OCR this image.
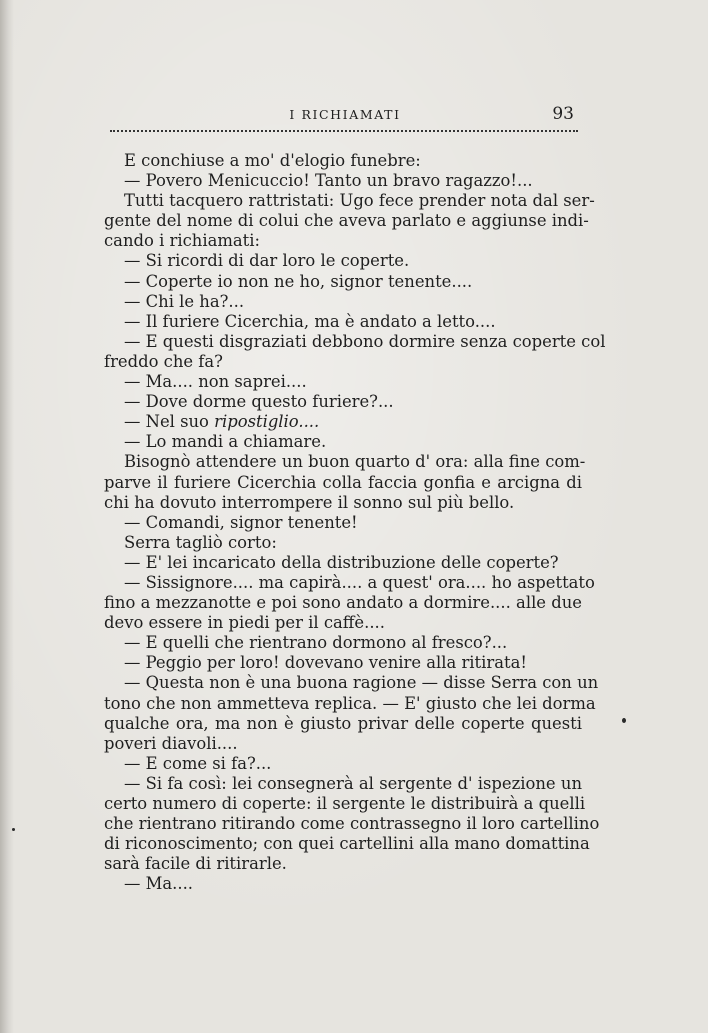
I RICHIAMATI	93
E conchiuse a mo' d'elogio funebre:
— Povero Menicuccio! Tanto un bravo ragazzo!...
Tutti tacquero rattristati: Ugo fece prender nota dal ser-
gente del nome di colui che aveva parlato e aggiunse indi-
cando i richiamati:
— Si ricordi di dar loro le coperte.
— Coperte io non ne ho, signor tenente....
— Chi le ha?...
— Il furiere Cicerchia, ma è andato a letto....
— E questi disgraziati debbono dormire senza coperte col
freddo che fa?
— Ma.... non saprei....
— Dove dorme questo furiere?...
— Nel suo ripostiglio....
— Lo mandi a chiamare.
Bisognò attendere un buon quarto d' ora: alla fine com-
parve il furiere Cicerchia colla faccia gonfia e arcigna di
chi ha dovuto interrompere il sonno sul più bello.
— Comandi, signor tenente!
Serra tagliò corto:
— E' lei incaricato della distribuzione delle coperte?
— Sissignore.... ma capirà.... a quest' ora.... ho aspettato
fino a mezzanotte e poi sono andato a dormire.... alle due
devo essere in piedi per il caffè....
— E quelli che rientrano dormono al fresco?...
— Peggio per loro! dovevano venire alla ritirata!
— Questa non è una buona ragione — disse Serra con un
tono che non ammetteva replica. — E' giusto che lei dorma
qualche ora, ma non è giusto privar delle coperte questi
poveri diavoli....
— E come si fa?...
— Si fa così: lei consegnerà al sergente d' ispezione un
certo numero di coperte: il sergente le distribuirà a quelli
che rientrano ritirando come contrassegno il loro cartellino
di riconoscimento; con quei cartellini alla mano domattina
sarà facile di ritirarle.
— Ma....
